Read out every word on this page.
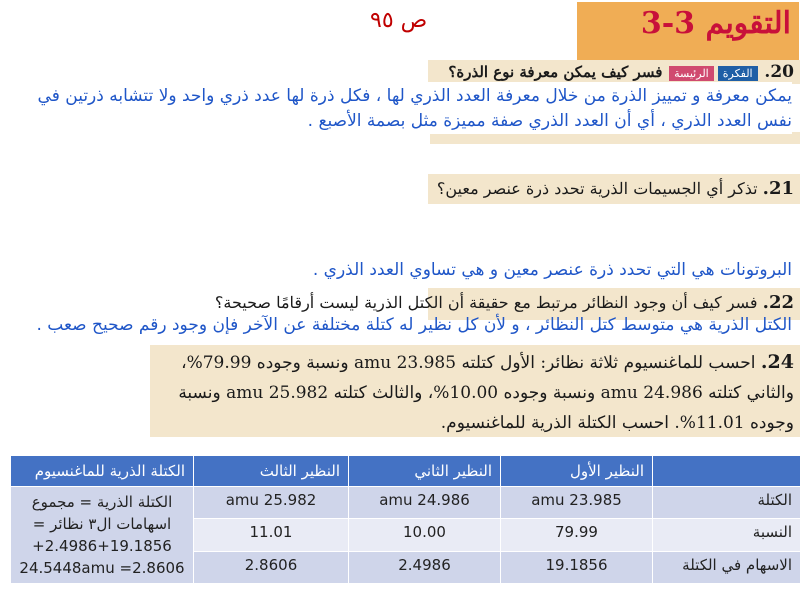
ص ٩٥	التقويم 3-3
20. الفكرةالرئيسة فسر كيف يمكن معرفة نوع الذرة؟
يمكن معرفة و تمييز الذرة من خلال معرفة العدد الذري لها ، فكل ذرة لها عدد ذري واحد ولا تتشابه ذرتين في نفس العدد الذري ، أي أن العدد الذري صفة مميزة مثل بصمة الأصبع .
21. تذكر أي الجسيمات الذرية تحدد ذرة عنصر معين؟
البروتونات هي التي تحدد ذرة عنصر معين و هي تساوي العدد الذري .
22. فسر كيف أن وجود النظائر مرتبط مع حقيقة أن الكتل الذرية ليست أرقامًا صحيحة؟
الكتل الذرية هي متوسط كتل النظائر ، و لأن كل نظير له كتلة مختلفة عن الآخر فإن وجود رقم صحيح صعب .
24. احسب للماغنسيوم ثلاثة نظائر: الأول كتلته 23.985 amu ونسبة وجوده 79.99%، والثاني كتلته 24.986 amu ونسبة وجوده 10.00%، والثالث كتلته 25.982 amu ونسبة وجوده 11.01%. احسب الكتلة الذرية للماغنسيوم.
	النظير الأول	النظير الثاني	النظير الثالث	الكتلة الذرية للماغنسيوم
الكتلة	23.985 amu	24.986 amu	25.982 amu	الكتلة الذرية = مجموع اسهامات ال٣ نظائر = 19.1856+2.4986+ 2.8606= 24.5448amu
النسبة	79.99	10.00	11.01	
الاسهام في الكتلة	19.1856	2.4986	2.8606	
